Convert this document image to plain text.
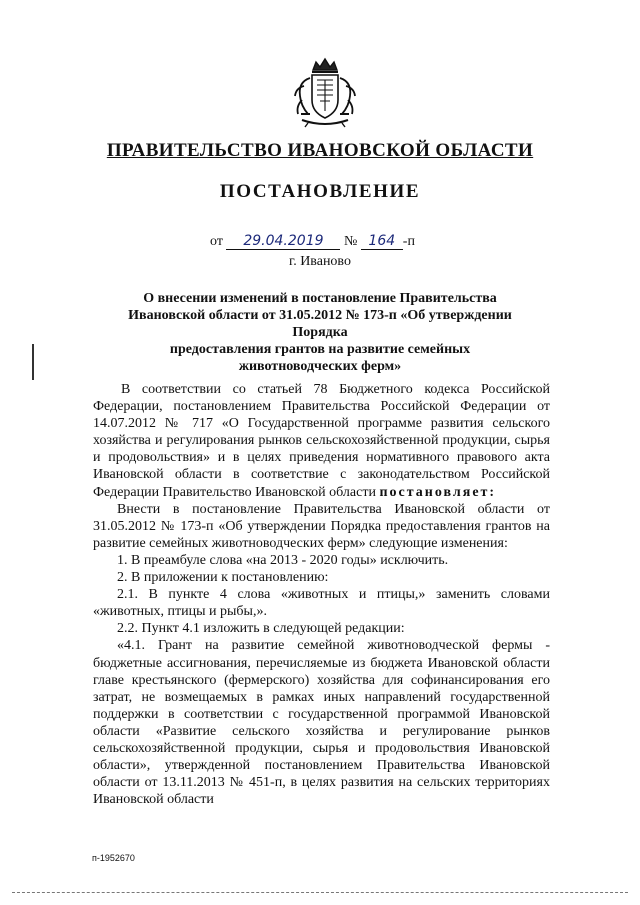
ПРАВИТЕЛЬСТВО ИВАНОВСКОЙ ОБЛАСТИ
ПОСТАНОВЛЕНИЕ
от 29.04.2019 № 164 -п
г. Иваново
О внесении изменений в постановление Правительства
Ивановской области от 31.05.2012 № 173-п «Об утверждении Порядка
предоставления грантов на развитие семейных
животноводческих ферм»

В соответствии со статьей 78 Бюджетного кодекса Российской Федерации, постановлением Правительства Российской Федерации от 14.07.2012 № 717 «О Государственной программе развития сельского хозяйства и регулирования рынков сельскохозяйственной продукции, сырья и продовольствия» и в целях приведения нормативного правового акта Ивановской области в соответствие с законодательством Российской Федерации Правительство Ивановской области постановляет:

Внести в постановление Правительства Ивановской области от 31.05.2012 № 173-п «Об утверждении Порядка предоставления грантов на развитие семейных животноводческих ферм» следующие изменения:

1. В преамбуле слова «на 2013 - 2020 годы» исключить.

2. В приложении к постановлению:

2.1. В пункте 4 слова «животных и птицы,» заменить словами «животных, птицы и рыбы,».

2.2. Пункт 4.1 изложить в следующей редакции:

«4.1. Грант на развитие семейной животноводческой фермы - бюджетные ассигнования, перечисляемые из бюджета Ивановской области главе крестьянского (фермерского) хозяйства для софинансирования его затрат, не возмещаемых в рамках иных направлений государственной поддержки в соответствии с государственной программой Ивановской области «Развитие сельского хозяйства и регулирование рынков сельскохозяйственной продукции, сырья и продовольствия Ивановской области», утвержденной постановлением Правительства Ивановской области от 13.11.2013 № 451-п, в целях развития на сельских территориях Ивановской области

п-1952670
